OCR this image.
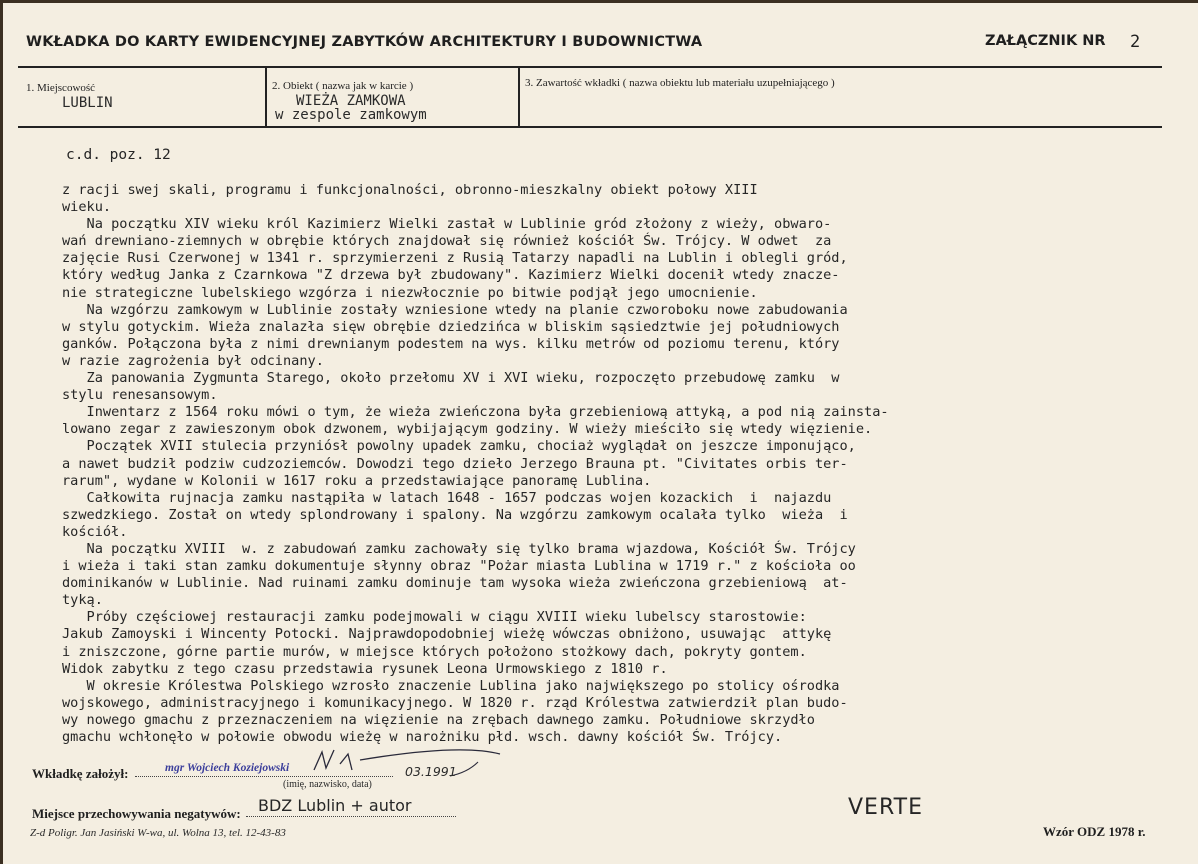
WKŁADKA DO KARTY EWIDENCYJNEJ ZABYTKÓW ARCHITEKTURY I BUDOWNICTWA	ZAŁĄCZNIK NR 2
1. Miejscowość
LUBLIN
2. Obiekt ( nazwa jak w karcie )
WIEŻA ZAMKOWA
w zespole zamkowym
3. Zawartość wkładki ( nazwa obiektu lub materiału uzupełniającego )
c.d. poz. 12
z racji swej skali, programu i funkcjonalności, obronno-mieszkalny obiekt połowy XIII
wieku.
Na początku XIV wieku król Kazimierz Wielki zastał w Lublinie gród złożony z wieży, obwaro-
wań drewniano-ziemnych w obrębie których znajdował się również kościół Św. Trójcy. W odwet  za
zajęcie Rusi Czerwonej w 1341 r. sprzymierzeni z Rusią Tatarzy napadli na Lublin i oblegli gród,
który według Janka z Czarnkowa "Z drzewa był zbudowany". Kazimierz Wielki docenił wtedy znacze-
nie strategiczne lubelskiego wzgórza i niezwłocznie po bitwie podjął jego umocnienie.
Na wzgórzu zamkowym w Lublinie zostały wzniesione wtedy na planie czworoboku nowe zabudowania
w stylu gotyckim. Wieża znalazła sięw obrębie dziedzińca w bliskim sąsiedztwie jej południowych
ganków. Połączona była z nimi drewnianym podestem na wys. kilku metrów od poziomu terenu, który
w razie zagrożenia był odcinany.
Za panowania Zygmunta Starego, około przełomu XV i XVI wieku, rozpoczęto przebudowę zamku  w
stylu renesansowym.
Inwentarz z 1564 roku mówi o tym, że wieża zwieńczona była grzebieniową attyką, a pod nią zainsta-
lowano zegar z zawieszonym obok dzwonem, wybijającym godziny. W wieży mieściło się wtedy więzienie.
Początek XVII stulecia przyniósł powolny upadek zamku, chociaż wyglądał on jeszcze imponująco,
a nawet budził podziw cudzoziemców. Dowodzi tego dzieło Jerzego Brauna pt. "Civitates orbis ter-
rarum", wydane w Kolonii w 1617 roku a przedstawiające panoramę Lublina.
Całkowita rujnacja zamku nastąpiła w latach 1648 - 1657 podczas wojen kozackich  i  najazdu
szwedzkiego. Został on wtedy splondrowany i spalony. Na wzgórzu zamkowym ocalała tylko  wieża  i
kościół.
Na początku XVIII  w. z zabudowań zamku zachowały się tylko brama wjazdowa, Kościół Św. Trójcy
i wieża i taki stan zamku dokumentuje słynny obraz "Pożar miasta Lublina w 1719 r." z kościoła oo
dominikanów w Lublinie. Nad ruinami zamku dominuje tam wysoka wieża zwieńczona grzebieniową  at-
tyką.
Próby częściowej restauracji zamku podejmowali w ciągu XVIII wieku lubelscy starostowie:
Jakub Zamoyski i Wincenty Potocki. Najprawdopodobniej wieżę wówczas obniżono, usuwając  attykę
i zniszczone, górne partie murów, w miejsce których położono stożkowy dach, pokryty gontem.
Widok zabytku z tego czasu przedstawia rysunek Leona Urmowskiego z 1810 r.
W okresie Królestwa Polskiego wzrosło znaczenie Lublina jako największego po stolicy ośrodka
wojskowego, administracyjnego i komunikacyjnego. W 1820 r. rząd Królestwa zatwierdził plan budo-
wy nowego gmachu z przeznaczeniem na więzienie na zrębach dawnego zamku. Południowe skrzydło
gmachu wchłonęło w połowie obwodu wieżę w narożniku płd. wsch. dawny kościół Św. Trójcy.
Wkładkę założył:	mgr Wojciech Koziejowski	03.1991
(imię, nazwisko, data)
Miejsce przechowywania negatywów: BDZ Lublin + autor	VERTE
Z-d Poligr. Jan Jasiński W-wa, ul. Wolna 13, tel. 12-43-83	Wzór ODZ 1978 r.
